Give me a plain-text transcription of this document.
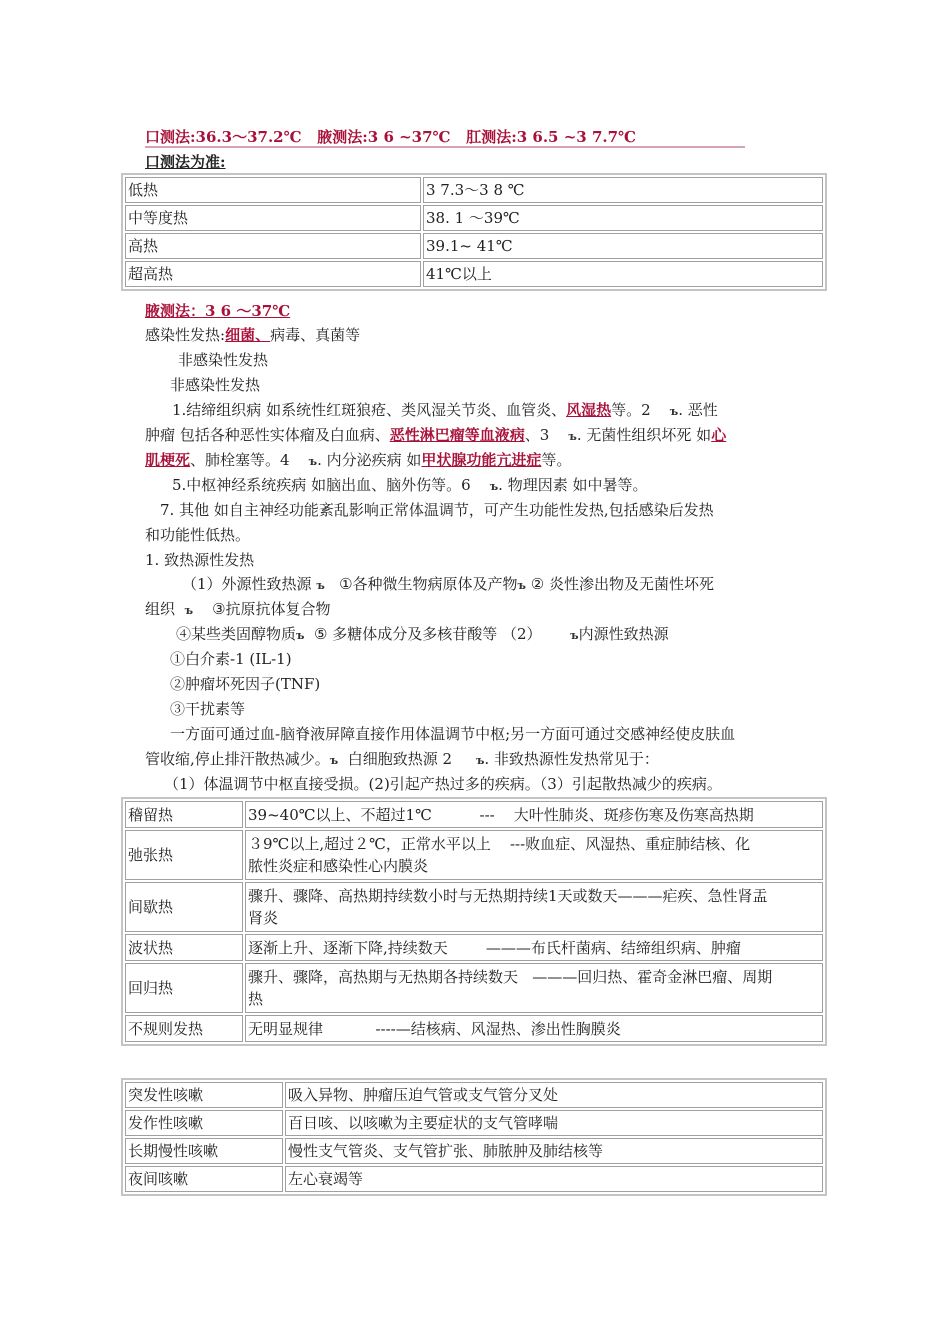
口测法:36.3～37.2℃ 腋测法:3 6 ~37℃ 肛测法:3 6.5 ~3 7.7℃
口测法为准:
低热	3 7.3～3 8 ℃
中等度热	38. 1 ～39℃
高热	39.1~ 41℃
超高热	41℃以上
腋测法：3 6 ～37℃
感染性发热:细菌、病毒、真菌等
非感染性发热
非感染性发热
1.结缔组织病 如系统性红斑狼疮、类风湿关节炎、血管炎、风湿热等。2 ъ. 恶性
肿瘤 包括各种恶性实体瘤及白血病、恶性淋巴瘤等血液病、3 ъ. 无菌性组织坏死 如心
肌梗死、肺栓塞等。4 ъ. 内分泌疾病 如甲状腺功能亢进症等。
5.中枢神经系统疾病 如脑出血、脑外伤等。6 ъ. 物理因素 如中暑等。
7. 其他 如自主神经功能紊乱影响正常体温调节，可产生功能性发热,包括感染后发热
和功能性低热。
1. 致热源性发热
（1）外源性致热源 ъ ①各种微生物病原体及产物ъ ② 炎性渗出物及无菌性坏死
组织 ъ ③抗原抗体复合物
④某些类固醇物质ъ ⑤ 多糖体成分及多核苷酸等 （2）	ъ内源性致热源
①白介素-1 (IL-1)
②肿瘤坏死因子(TNF)
③干扰素等
一方面可通过血-脑脊液屏障直接作用体温调节中枢;另一方面可通过交感神经使皮肤血
管收缩,停止排汗散热减少。ъ 白细胞致热源 2 ъ. 非致热源性发热常见于：
（1）体温调节中枢直接受损。(2)引起产热过多的疾病。（3）引起散热减少的疾病。
稽留热	39~40℃以上、不超过1℃          ---    大叶性肺炎、斑疹伤寒及伤寒高热期
弛张热	３9℃以上,超过２℃，正常水平以上    ---败血症、风湿热、重症肺结核、化
脓性炎症和感染性心内膜炎
间歇热	骤升、骤降、高热期持续数小时与无热期持续1天或数天———疟疾、急性肾盂
肾炎
波状热	逐渐上升、逐渐下降,持续数天        ———布氏杆菌病、结缔组织病、肿瘤
回归热	骤升、骤降，高热期与无热期各持续数天   ———回归热、霍奇金淋巴瘤、周期
热
不规则发热	无明显规律           ----—结核病、风湿热、渗出性胸膜炎
突发性咳嗽	吸入异物、肿瘤压迫气管或支气管分叉处
发作性咳嗽	百日咳、以咳嗽为主要症状的支气管哮喘
长期慢性咳嗽	慢性支气管炎、支气管扩张、肺脓肿及肺结核等
夜间咳嗽	左心衰竭等
